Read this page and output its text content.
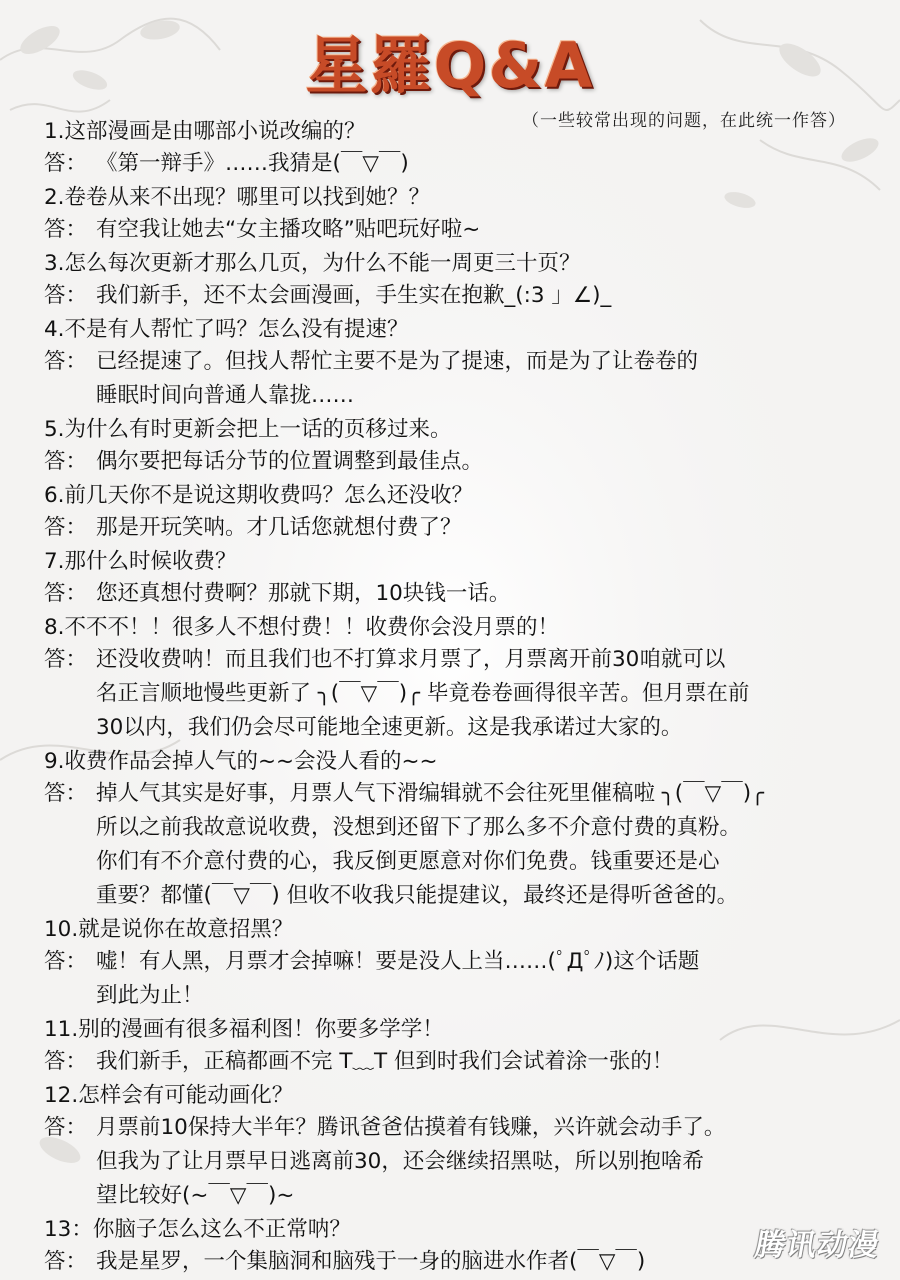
星羅Q&A
（一些较常出现的问题，在此统一作答）
1.这部漫画是由哪部小说改编的？
答： 《第一辩手》……我猜是(￣▽￣)
2.卷卷从来不出现？哪里可以找到她？？
答： 有空我让她去“女主播攻略”贴吧玩好啦~
3.怎么每次更新才那么几页，为什么不能一周更三十页？
答： 我们新手，还不太会画漫画，手生实在抱歉_(:3 」∠)_
4.不是有人帮忙了吗？怎么没有提速？
答： 已经提速了。但找人帮忙主要不是为了提速，而是为了让卷卷的
睡眠时间向普通人靠拢……
5.为什么有时更新会把上一话的页移过来。
答： 偶尔要把每话分节的位置调整到最佳点。
6.前几天你不是说这期收费吗？怎么还没收？
答： 那是开玩笑呐。才几话您就想付费了？
7.那什么时候收费？
答： 您还真想付费啊？那就下期，10块钱一话。
8.不不不！！很多人不想付费！！收费你会没月票的！
答： 还没收费呐！而且我们也不打算求月票了，月票离开前30咱就可以
名正言顺地慢些更新了 ╮(￣▽￣)╭ 毕竟卷卷画得很辛苦。但月票在前
30以内，我们仍会尽可能地全速更新。这是我承诺过大家的。
9.收费作品会掉人气的~~会没人看的~~
答： 掉人气其实是好事，月票人气下滑编辑就不会往死里催稿啦 ╮(￣▽￣)╭
所以之前我故意说收费，没想到还留下了那么多不介意付费的真粉。
你们有不介意付费的心，我反倒更愿意对你们免费。钱重要还是心
重要？都懂(￣▽￣) 但收不收我只能提建议，最终还是得听爸爸的。
10.就是说你在故意招黑？
答： 嘘！有人黑，月票才会掉嘛！要是没人上当……(ﾟДﾟﾉ)这个话题
到此为止！
11.别的漫画有很多福利图！你要多学学！
答： 我们新手，正稿都画不完 T﹏T 但到时我们会试着涂一张的！
12.怎样会有可能动画化？
答： 月票前10保持大半年？腾讯爸爸估摸着有钱赚，兴许就会动手了。
但我为了让月票早日逃离前30，还会继续招黑哒，所以别抱啥希
望比较好(~￣▽￣)~
13：你脑子怎么这么不正常呐？
答： 我是星罗，一个集脑洞和脑残于一身的脑进水作者(￣▽￣)	腾讯动漫
